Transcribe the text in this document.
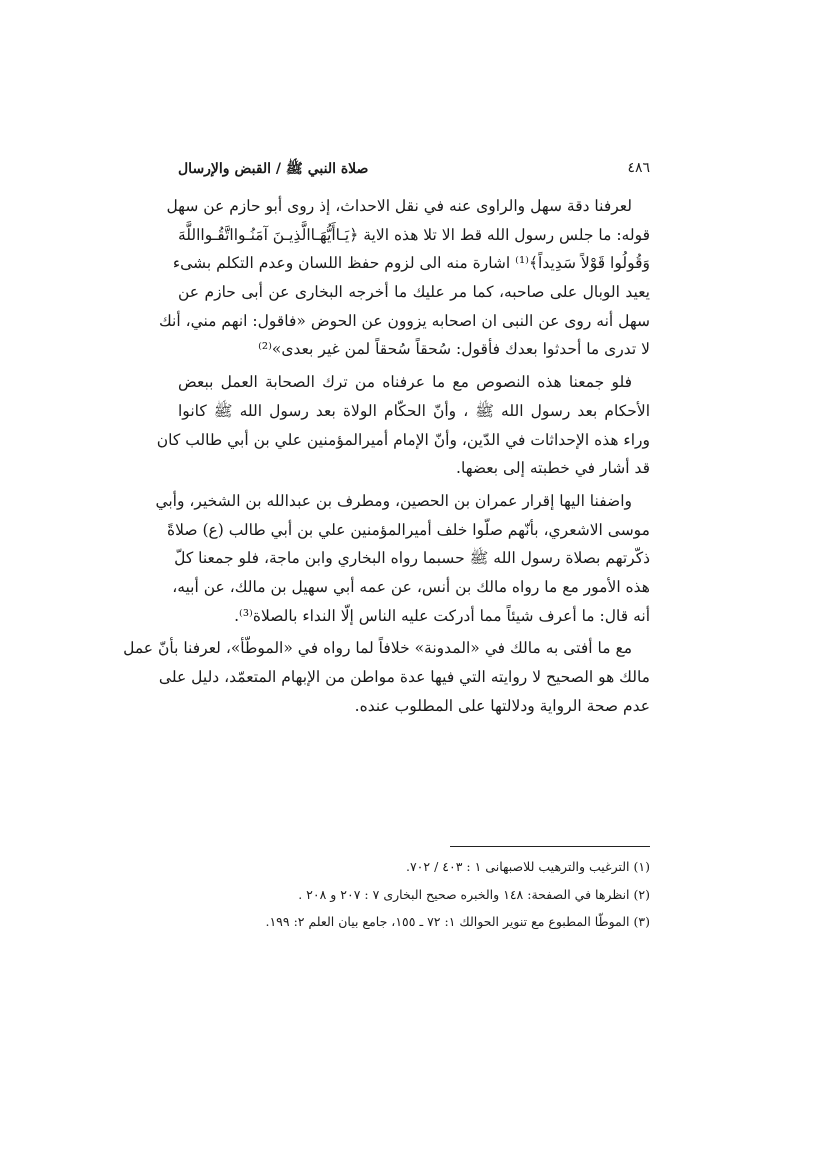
٤٨٦
صلاة النبي ﷺ / القبض والإرسال
لعرفنا دقة سهل والراوى عنه في نقل الاحداث، إذ روى أبو حازم عن سهل
قوله: ما جلس رسول الله قط الا تلا هذه الاية ﴿يَـاأَيُّهَـاالَّذِيـنَ آمَنُـوااتَّقُـوااللَّهَ
وَقُولُوا قَوْلاً سَدِيداً﴾⁽¹⁾ اشارة منه الى لزوم حفظ اللسان وعدم التكلم بشىء
يعيد الوبال على صاحبه، كما مر عليك ما أخرجه البخارى عن أبى حازم عن
سهل أنه روى عن النبى ان اصحابه يزوون عن الحوض «فاقول: انهم مني، أنك
لا تدرى ما أحدثوا بعدك فأقول: سُحقاً سُحقاً لمن غير بعدى»⁽²⁾
فلو جمعنا هذه النصوص مع ما عرفناه من ترك الصحابة العمل ببعض
الأحكام بعد رسول الله ﷺ ، وأنّ الحكّام الولاة بعد رسول الله ﷺ كانوا
وراء هذه الإحداثات في الدّين، وأنّ الإمام أميرالمؤمنين علي بن أبي طالب كان
قد أشار في خطبته إلى بعضها.
واضفنا اليها إقرار عمران بن الحصين، ومطرف بن عبدالله بن الشخير، وأبي
موسى الاشعري، بأنّهم صلّوا خلف أميرالمؤمنين علي بن أبي طالب (ع) صلاةً
ذكّرتهم بصلاة رسول الله ﷺ حسبما رواه البخاري وابن ماجة، فلو جمعنا كلّ
هذه الأمور مع ما رواه مالك بن أنس، عن عمه أبي سهيل بن مالك، عن أبيه،
أنه قال: ما أعرف شيئاً مما أدركت عليه الناس إلّا النداء بالصلاة⁽³⁾.
مع ما أفتى به مالك في «المدونة» خلافاً لما رواه في «الموطّأ»، لعرفنا بأنّ عمل
مالك هو الصحيح لا روايته التي فيها عدة مواطن من الإبهام المتعمّد، دليل على
عدم صحة الرواية ودلالتها على المطلوب عنده.
(١) الترغيب والترهيب للاصبهانى ١ : ٤٠٣ / ٧٠٢.
(٢) انظرها في الصفحة: ١٤٨ والخبره صحيح البخارى ٧ : ٢٠٧ و ٢٠٨ .
(٣) الموطّا المطبوع مع تنوير الحوالك ١: ٧٢ ـ ١٥٥، جامع بيان العلم ٢: ١٩٩.
